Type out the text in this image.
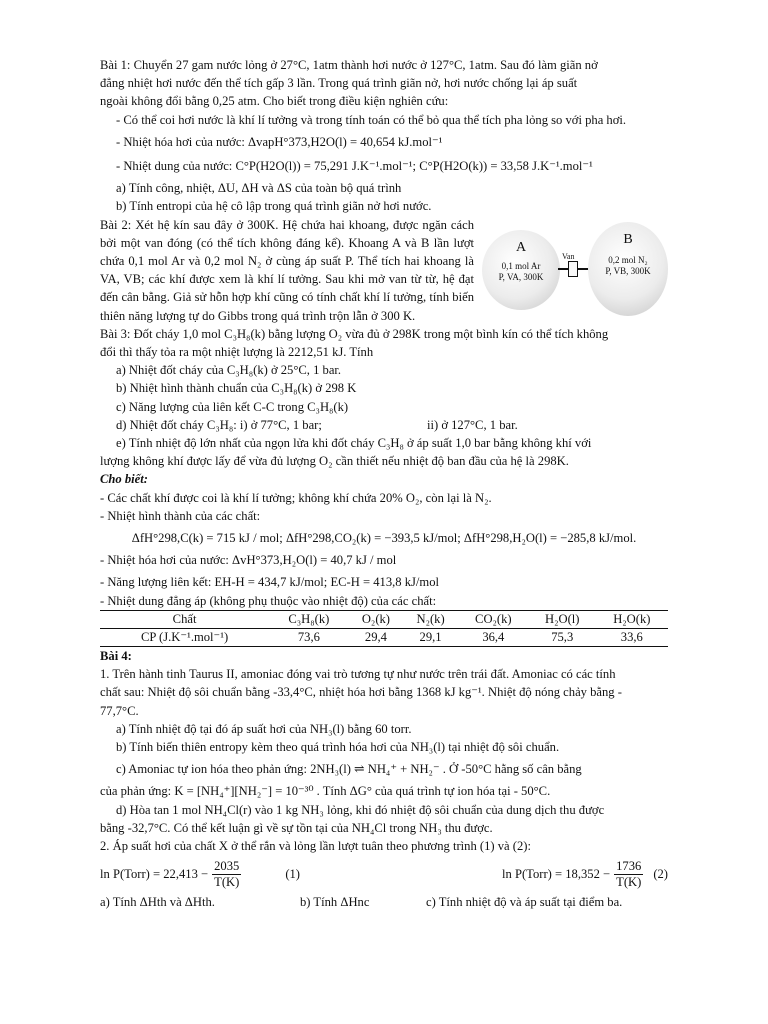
Bài 1: Chuyển 27 gam nước lỏng ở 27°C, 1atm thành hơi nước ở 127°C, 1atm. Sau đó làm giãn nở

đẳng nhiệt hơi nước đến thể tích gấp 3 lần. Trong quá trình giãn nở, hơi nước chống lại áp suất

ngoài không đổi bằng 0,25 atm. Cho biết trong điều kiện nghiên cứu:

- Có thể coi hơi nước là khí lí tưởng và trong tính toán có thể bỏ qua thể tích pha lỏng so với pha hơi.

- Nhiệt hóa hơi của nước: ΔvapH°373,H2O(l) = 40,654 kJ.mol⁻¹

- Nhiệt dung của nước: C°P(H2O(l)) = 75,291 J.K⁻¹.mol⁻¹; C°P(H2O(k)) = 33,58 J.K⁻¹.mol⁻¹

a) Tính công, nhiệt, ΔU, ΔH và ΔS của toàn bộ quá trình

b) Tính entropi của hệ cô lập trong quá trình giãn nở hơi nước.

Bài 2: Xét hệ kín sau đây ở 300K. Hệ chứa hai khoang, được ngăn cách bởi một van đóng (có thể tích không đáng kể). Khoang A và B lần lượt chứa 0,1 mol Ar và 0,2 mol N₂ ở cùng áp suất P. Thể tích hai khoang là VA, VB; các khí được xem là khí lí tưởng. Sau khi mở van từ từ, hệ đạt đến cân bằng. Giả sử hỗn hợp khí cũng có tính chất khí lí tưởng, tính biến thiên năng lượng tự do Gibbs trong quá trình trộn lẫn ở 300 K.

A
0,1 mol Ar
P, VA, 300K
Van
B
0,2 mol N₂
P, VB, 300K

Bài 3: Đốt cháy 1,0 mol C₃H₈(k) bằng lượng O₂ vừa đủ ở 298K trong một bình kín có thể tích không

đổi thì thấy tỏa ra một nhiệt lượng là 2212,51 kJ. Tính

a) Nhiệt đốt cháy của C₃H₈(k) ở 25°C, 1 bar.

b) Nhiệt hình thành chuẩn của C₃H₈(k) ở 298 K

c) Năng lượng của liên kết C-C trong C₃H₈(k)

d) Nhiệt đốt cháy C₃H₈: i) ở 77°C, 1 bar;	ii) ở 127°C, 1 bar.

e) Tính nhiệt độ lớn nhất của ngọn lửa khi đốt cháy C₃H₈ ở áp suất 1,0 bar bằng không khí với

lượng không khí được lấy để vừa đủ lượng O₂ cần thiết nếu nhiệt độ ban đầu của hệ là 298K.

Cho biết:

- Các chất khí được coi là khí lí tưởng; không khí chứa 20% O₂, còn lại là N₂.

- Nhiệt hình thành của các chất:

ΔfH°298,C(k) = 715 kJ / mol; ΔfH°298,CO₂(k) = −393,5 kJ/mol; ΔfH°298,H₂O(l) = −285,8 kJ/mol.

- Nhiệt hóa hơi của nước: ΔvH°373,H₂O(l) = 40,7 kJ / mol

- Năng lượng liên kết: EH-H = 434,7 kJ/mol; EC-H = 413,8 kJ/mol

- Nhiệt dung đẳng áp (không phụ thuộc vào nhiệt độ) của các chất:

Chất	C₃H₈(k)	O₂(k)	N₂(k)	CO₂(k)	H₂O(l)	H₂O(k)
CP (J.K⁻¹.mol⁻¹)	73,6	29,4	29,1	36,4	75,3	33,6

Bài 4:

1. Trên hành tinh Taurus II, amoniac đóng vai trò tương tự như nước trên trái đất. Amoniac có các tính

chất sau: Nhiệt độ sôi chuẩn bằng -33,4°C, nhiệt hóa hơi bằng 1368 kJ kg⁻¹. Nhiệt độ nóng chảy bằng -

77,7°C.

a) Tính nhiệt độ tại đó áp suất hơi của NH₃(l) bằng 60 torr.

b) Tính biến thiên entropy kèm theo quá trình hóa hơi của NH₃(l) tại nhiệt độ sôi chuẩn.

c) Amoniac tự ion hóa theo phản ứng: 2NH₃(l) ⇌ NH₄⁺ + NH₂⁻ . Ở -50°C hằng số cân bằng

của phản ứng: K = [NH₄⁺][NH₂⁻] = 10⁻³⁰ . Tính ΔG° của quá trình tự ion hóa tại - 50°C.

d) Hòa tan 1 mol NH₄Cl(r) vào 1 kg NH₃ lỏng, khi đó nhiệt độ sôi chuẩn của dung dịch thu được

bằng -32,7°C. Có thể kết luận gì về sự tồn tại của NH₄Cl trong NH₃ thu được.

2. Áp suất hơi của chất X ở thể rắn và lỏng lần lượt tuân theo phương trình (1) và (2):

ln P(Torr) = $22,413 - \frac{2035}{T(K)}$	(1)	ln P(Torr) = $18,352 - \frac{1736}{T(K)} (2)$

a) Tính ΔHth và ΔHth.	b) Tính ΔHnc	c) Tính nhiệt độ và áp suất tại điểm ba.
